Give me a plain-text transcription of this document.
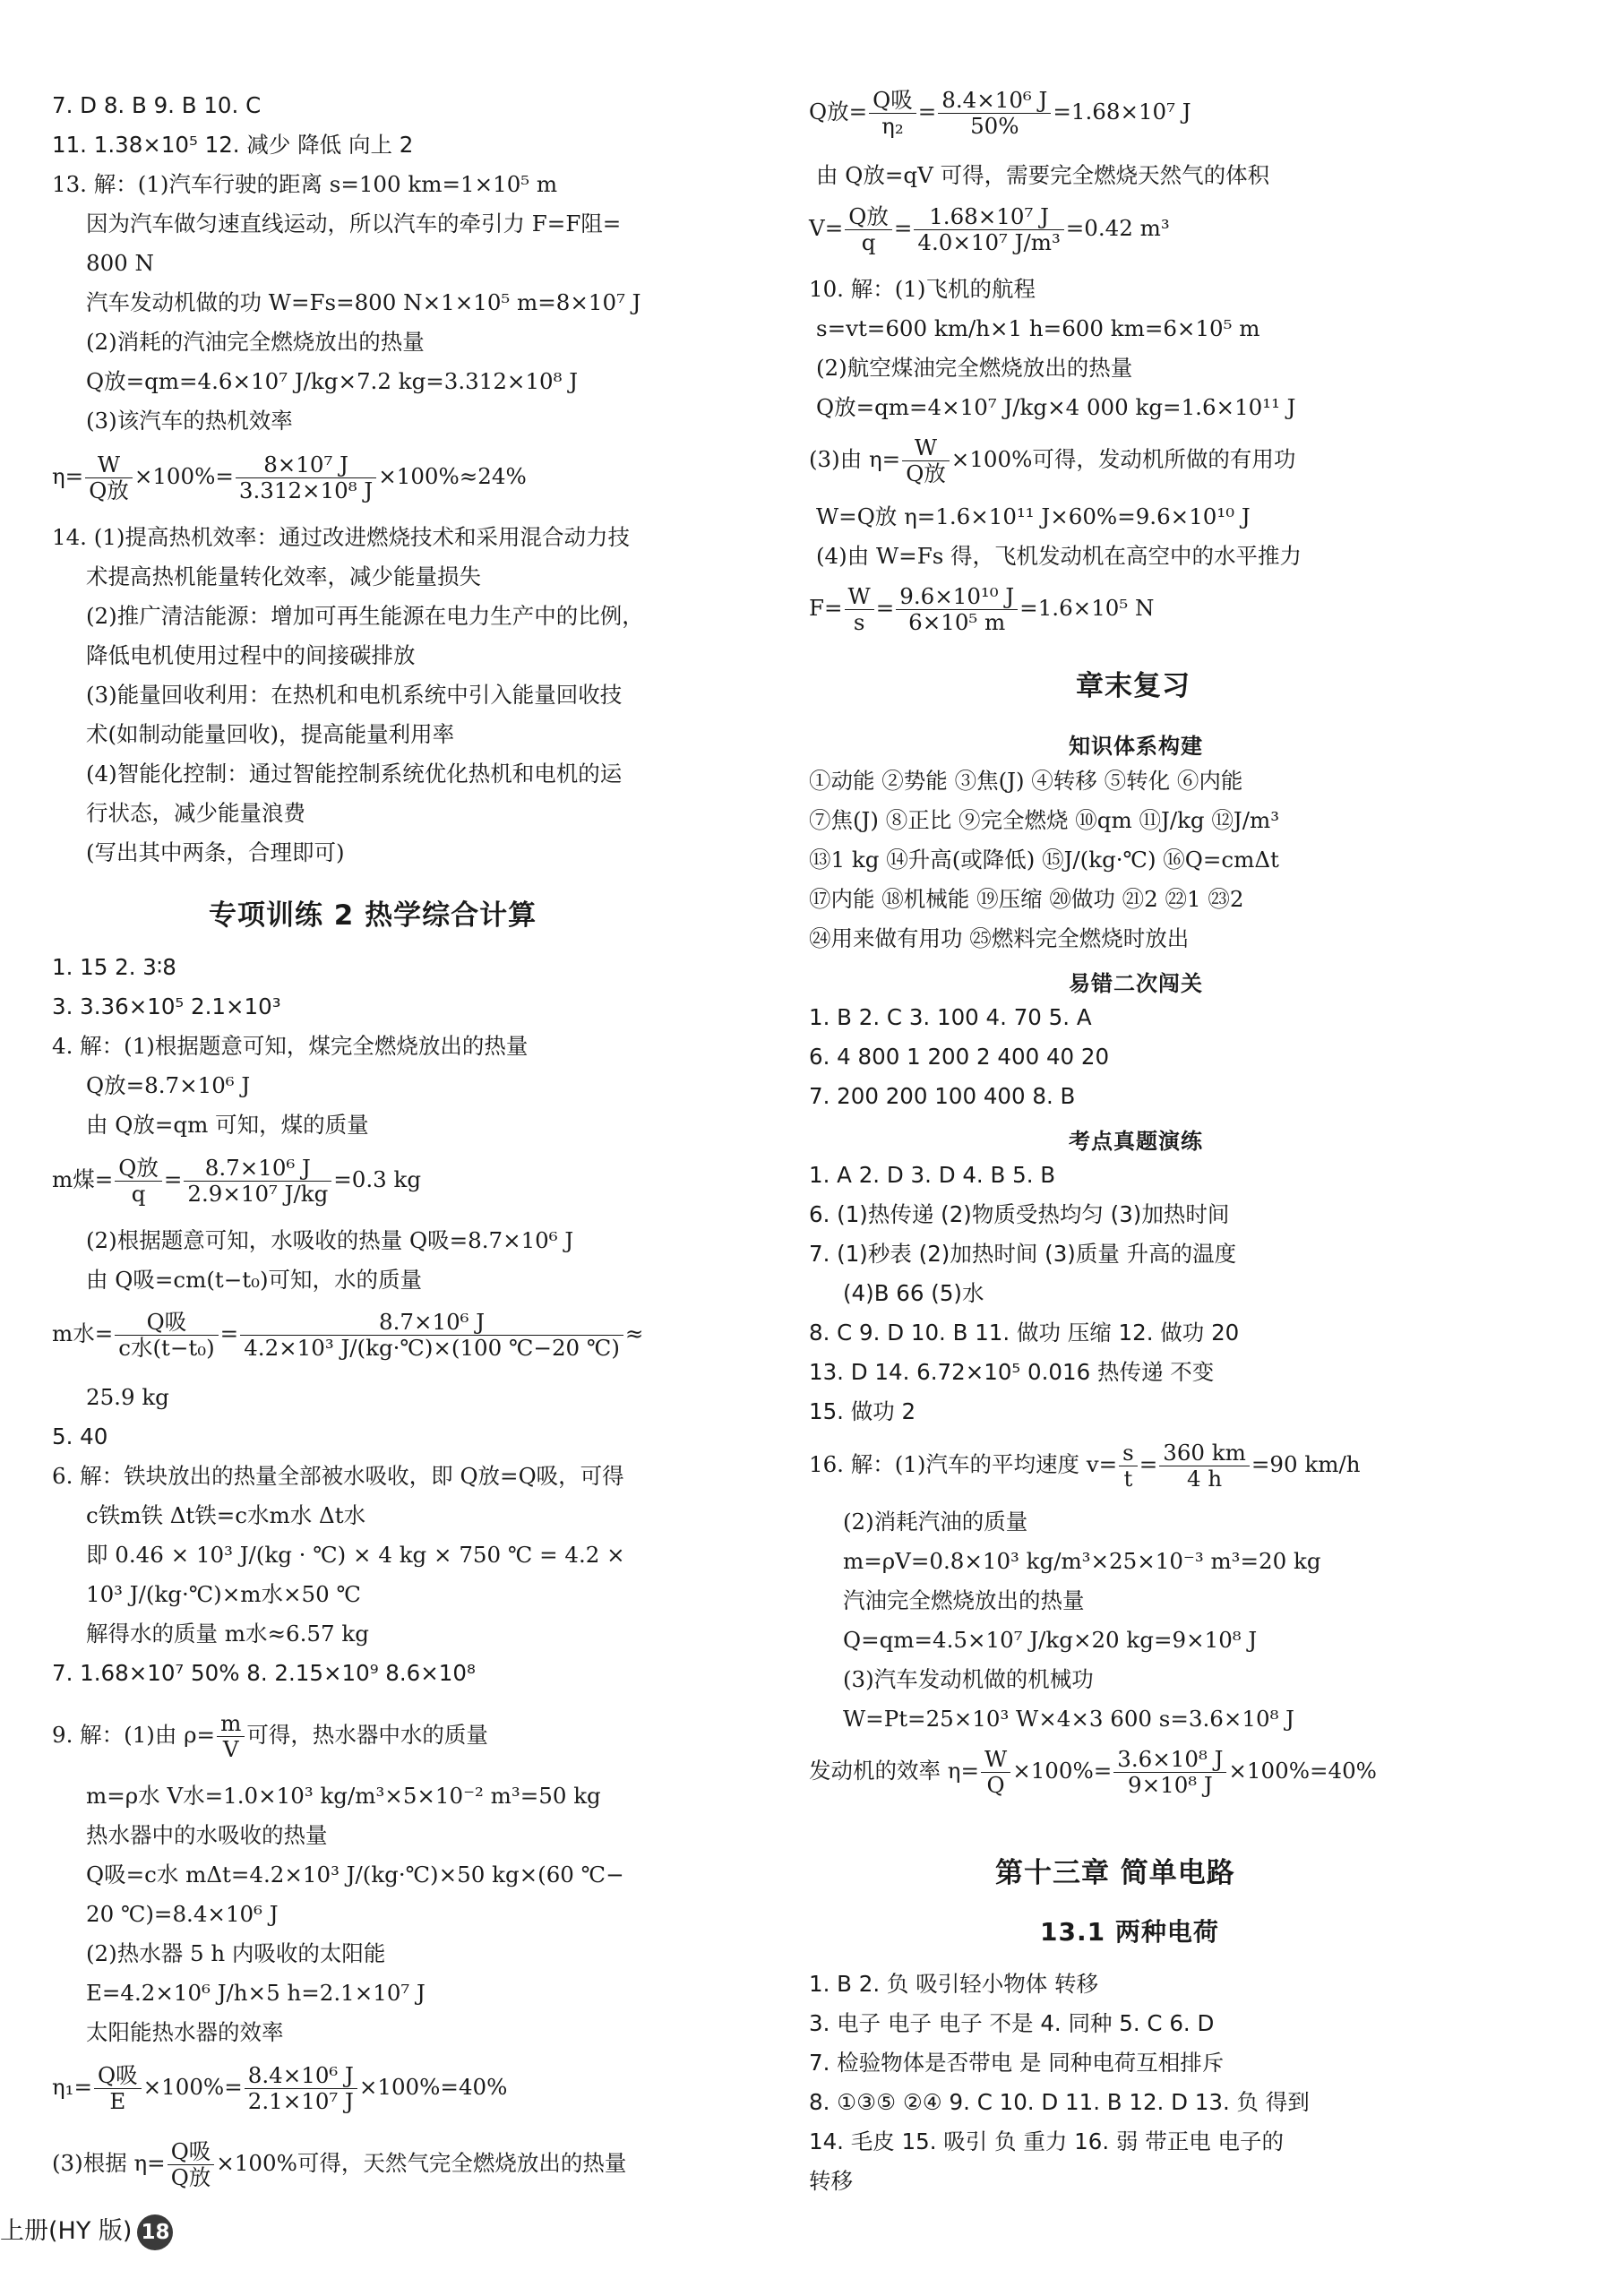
7. D 8. B 9. B 10. C
11. 1.38×10⁵ 12. 减少 降低 向上 2
13. 解：(1)汽车行驶的距离 s=100 km=1×10⁵ m
因为汽车做匀速直线运动，所以汽车的牵引力 F=F阻=
800 N
汽车发动机做的功 W=Fs=800 N×1×10⁵ m=8×10⁷ J
(2)消耗的汽油完全燃烧放出的热量
Q放=qm=4.6×10⁷ J/kg×7.2 kg=3.312×10⁸ J
(3)该汽车的热机效率
$\eta= \frac{W}{\text{Q放}} \times 100\%= \frac{\text{8×10⁷ J}}{\text{3.312×10⁸ J}} \times 100\%\approx 24\%$
14. (1)提高热机效率：通过改进燃烧技术和采用混合动力技
术提高热机能量转化效率，减少能量损失
(2)推广清洁能源：增加可再生能源在电力生产中的比例，
降低电机使用过程中的间接碳排放
(3)能量回收利用：在热机和电机系统中引入能量回收技
术(如制动能量回收)，提高能量利用率
(4)智能化控制：通过智能控制系统优化热机和电机的运
行状态，减少能量浪费
(写出其中两条，合理即可)
专项训练 2 热学综合计算
1. 15 2. 3∶8
3. 3.36×10⁵ 2.1×10³
4. 解：(1)根据题意可知，煤完全燃烧放出的热量
Q放=8.7×10⁶ J
由 Q放=qm 可知，煤的质量
m煤= $\frac{\text{Q放}}{q} = \frac{\text{8.7×10⁶ J}}{\text{2.9×10⁷ J/kg}} =0.3$ kg
(2)根据题意可知，水吸收的热量 Q吸=8.7×10⁶ J
由 Q吸=cm(t−t₀)可知，水的质量
m水= $\frac{\text{Q吸}}{\text{c水(t−t₀)}} = \frac{\text{8.7×10⁶ J}}{\text{4.2×10³ J/(kg·℃)×(100 ℃−20 ℃)}}$ ≈
25.9 kg
5. 40
6. 解：铁块放出的热量全部被水吸收，即 Q放=Q吸，可得
c铁m铁 Δt铁=c水m水 Δt水
即 0.46 × 10³ J/(kg · ℃) × 4 kg × 750 ℃ = 4.2 ×
10³ J/(kg·℃)×m水×50 ℃
解得水的质量 m水≈6.57 kg
7. 1.68×10⁷ 50% 8. 2.15×10⁹ 8.6×10⁸
9. 解：(1)由 $\rho= \frac{m}{V}$ 可得，热水器中水的质量
m=ρ水 V水=1.0×10³ kg/m³×5×10⁻² m³=50 kg
热水器中的水吸收的热量
Q吸=c水 mΔt=4.2×10³ J/(kg·℃)×50 kg×(60 ℃−
20 ℃)=8.4×10⁶ J
(2)热水器 5 h 内吸收的太阳能
E=4.2×10⁶ J/h×5 h=2.1×10⁷ J
太阳能热水器的效率
$\eta_1= \frac{\text{Q吸}}{E} \times 100\%= \frac{\text{8.4×10⁶ J}}{\text{2.1×10⁷ J}} \times 100\%=40\%$
(3)根据 $\eta= \frac{\text{Q吸}}{\text{Q放}} \times 100\%$可得，天然气完全燃烧放出的热量
Q放= $\frac{\text{Q吸}}{\text{η₂}} = \frac{\text{8.4×10⁶ J}}{50\%} =1.68\times 10^7$ J
由 Q放=qV 可得，需要完全燃烧天然气的体积
$V= \frac{\text{Q放}}{q} = \frac{\text{1.68×10⁷ J}}{\text{4.0×10⁷ J/m³}} =0.42$ m³
10. 解：(1)飞机的航程
s=vt=600 km/h×1 h=600 km=6×10⁵ m
(2)航空煤油完全燃烧放出的热量
Q放=qm=4×10⁷ J/kg×4 000 kg=1.6×10¹¹ J
(3)由 $\eta= \frac{W}{\text{Q放}} \times 100\%$可得，发动机所做的有用功
W=Q放 η=1.6×10¹¹ J×60%=9.6×10¹⁰ J
(4)由 W=Fs 得，飞机发动机在高空中的水平推力
$F= \frac{W}{s} = \frac{\text{9.6×10¹⁰ J}}{\text{6×10⁵ m}} =1.6\times 10^5$ N
章末复习
知识体系构建
①动能 ②势能 ③焦(J) ④转移 ⑤转化 ⑥内能
⑦焦(J) ⑧正比 ⑨完全燃烧 ⑩qm ⑪J/kg ⑫J/m³
⑬1 kg ⑭升高(或降低) ⑮J/(kg·℃) ⑯Q=cmΔt
⑰内能 ⑱机械能 ⑲压缩 ⑳做功 ㉑2 ㉒1 ㉓2
㉔用来做有用功 ㉕燃料完全燃烧时放出
易错二次闯关
1. B 2. C 3. 100 4. 70 5. A
6. 4 800 1 200 2 400 40 20
7. 200 200 100 400 8. B
考点真题演练
1. A 2. D 3. D 4. B 5. B
6. (1)热传递 (2)物质受热均匀 (3)加热时间
7. (1)秒表 (2)加热时间 (3)质量 升高的温度
(4)B 66 (5)水
8. C 9. D 10. B 11. 做功 压缩 12. 做功 20
13. D 14. 6.72×10⁵ 0.016 热传递 不变
15. 做功 2
16. 解：(1)汽车的平均速度 $v= \frac{s}{t} = \frac{360 km}{4 h} =90$ km/h
(2)消耗汽油的质量
m=ρV=0.8×10³ kg/m³×25×10⁻³ m³=20 kg
汽油完全燃烧放出的热量
Q=qm=4.5×10⁷ J/kg×20 kg=9×10⁸ J
(3)汽车发动机做的机械功
W=Pt=25×10³ W×4×3 600 s=3.6×10⁸ J
发动机的效率 $\eta= \frac{W}{Q} \times 100\%= \frac{\text{3.6×10⁸ J}}{\text{9×10⁸ J}} \times 100\%=40\%$
第十三章 简单电路
13.1 两种电荷
1. B 2. 负 吸引轻小物体 转移
3. 电子 电子 电子 不是 4. 同种 5. C 6. D
7. 检验物体是否带电 是 同种电荷互相排斥
8. ①③⑤ ②④ 9. C 10. D 11. B 12. D 13. 负 得到
14. 毛皮 15. 吸引 负 重力 16. 弱 带正电 电子的
转移
上册(HY 版) 18
